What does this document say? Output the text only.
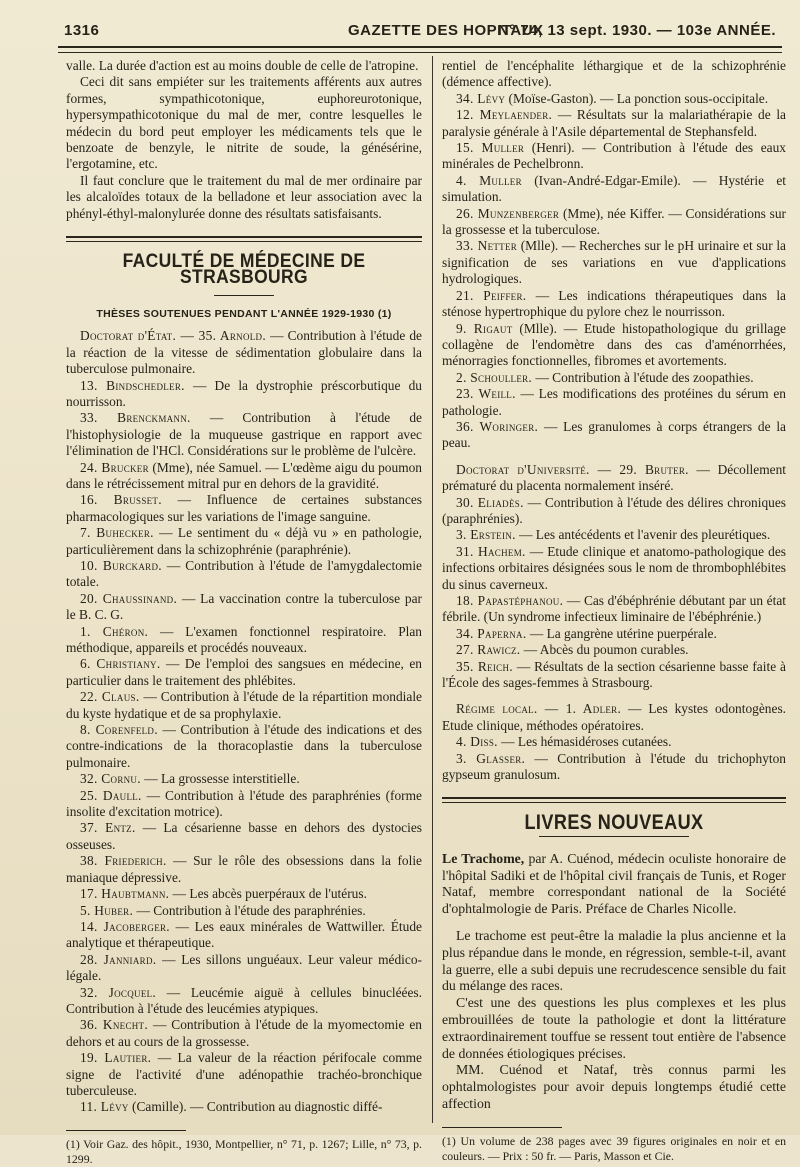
1316	GAZETTE DES HOPITAUX
N° 74, 13 sept. 1930. — 103e ANNÉE.

valle. La durée d'action est au moins double de celle de l'atropine.

Ceci dit sans empiéter sur les traitements afférents aux autres formes, sympathicotonique, euphoreurotonique, hypersympathicotonique du mal de mer, contre lesquelles le médecin du bord peut employer les médicaments tels que le benzoate de benzyle, le nitrite de soude, la génésérine, l'ergotamine, etc.

Il faut conclure que le traitement du mal de mer ordinaire par les alcaloïdes totaux de la belladone et leur association avec la phényl-éthyl-malonylurée donne des résultats satisfaisants.

FACULTÉ DE MÉDECINE DE STRASBOURG
THÈSES SOUTENUES PENDANT L'ANNÉE 1929-1930 (1)

Doctorat d'État. — 35. Arnold. — Contribution à l'étude de la réaction de la vitesse de sédimentation globulaire dans la tuberculose pulmonaire.

13. Bindschedler. — De la dystrophie préscorbutique du nourrisson.

33. Brenckmann. — Contribution à l'étude de l'histophysiologie de la muqueuse gastrique en rapport avec l'élimination de l'HCl. Considérations sur le problème de l'ulcère.

24. Brucker (Mme), née Samuel. — L'œdème aigu du poumon dans le rétrécissement mitral pur en dehors de la gravidité.

16. Brusset. — Influence de certaines substances pharmacologiques sur les variations de l'image sanguine.

7. Buhecker. — Le sentiment du « déjà vu » en pathologie, particulièrement dans la schizophrénie (paraphrénie).

10. Burckard. — Contribution à l'étude de l'amygdalectomie totale.

20. Chaussinand. — La vaccination contre la tuberculose par le B. C. G.

1. Chéron. — L'examen fonctionnel respiratoire. Plan méthodique, appareils et procédés nouveaux.

6. Christiany. — De l'emploi des sangsues en médecine, en particulier dans le traitement des phlébites.

22. Claus. — Contribution à l'étude de la répartition mondiale du kyste hydatique et de sa prophylaxie.

8. Corenfeld. — Contribution à l'étude des indications et des contre-indications de la thoracoplastie dans la tuberculose pulmonaire.

32. Cornu. — La grossesse interstitielle.

25. Daull. — Contribution à l'étude des paraphrénies (forme insolite d'excitation motrice).

37. Entz. — La césarienne basse en dehors des dystocies osseuses.

38. Friederich. — Sur le rôle des obsessions dans la folie maniaque dépressive.

17. Haubtmann. — Les abcès puerpéraux de l'utérus.

5. Huber. — Contribution à l'étude des paraphrénies.

14. Jacoberger. — Les eaux minérales de Wattwiller. Étude analytique et thérapeutique.

28. Janniard. — Les sillons unguéaux. Leur valeur médico-légale.

32. Jocquel. — Leucémie aiguë à cellules binucléées. Contribution à l'étude des leucémies atypiques.

36. Knecht. — Contribution à l'étude de la myomectomie en dehors et au cours de la grossesse.

19. Lautier. — La valeur de la réaction périfocale comme signe de l'activité d'une adénopathie trachéo-bronchique tuberculeuse.

11. Lévy (Camille). — Contribution au diagnostic diffé-

(1) Voir Gaz. des hôpit., 1930, Montpellier, n° 71, p. 1267; Lille, n° 73, p. 1299.

rentiel de l'encéphalite léthargique et de la schizophrénie (démence affective).

34. Lévy (Moïse-Gaston). — La ponction sous-occipitale.

12. Meylaender. — Résultats sur la malariathérapie de la paralysie générale à l'Asile départemental de Stephansfeld.

15. Muller (Henri). — Contribution à l'étude des eaux minérales de Pechelbronn.

4. Muller (Ivan-André-Edgar-Emile). — Hystérie et simulation.

26. Munzenberger (Mme), née Kiffer. — Considérations sur la grossesse et la tuberculose.

33. Netter (Mlle). — Recherches sur le pH urinaire et sur la signification de ses variations en vue d'applications hydrologiques.

21. Peiffer. — Les indications thérapeutiques dans la sténose hypertrophique du pylore chez le nourrisson.

9. Rigaut (Mlle). — Etude histopathologique du grillage collagène de l'endomètre dans des cas d'aménorrhées, ménorragies fonctionnelles, fibromes et avortements.

2. Schouller. — Contribution à l'étude des zoopathies.

23. Weill. — Les modifications des protéines du sérum en pathologie.

36. Woringer. — Les granulomes à corps étrangers de la peau.

Doctorat d'Université. — 29. Bruter. — Décollement prématuré du placenta normalement inséré.

30. Eliadès. — Contribution à l'étude des délires chroniques (paraphrénies).

3. Erstein. — Les antécédents et l'avenir des pleurétiques.

31. Hachem. — Etude clinique et anatomo-pathologique des infections orbitaires désignées sous le nom de thrombophlébites du sinus caverneux.

18. Papastéphanou. — Cas d'ébéphrénie débutant par un état fébrile. (Un syndrome infectieux liminaire de l'ébéphrénie.)

34. Paperna. — La gangrène utérine puerpérale.

27. Rawicz. — Abcès du poumon curables.

35. Reich. — Résultats de la section césarienne basse faite à l'École des sages-femmes à Strasbourg.

Régime local. — 1. Adler. — Les kystes odontogènes. Etude clinique, méthodes opératoires.

4. Diss. — Les hémasidéroses cutanées.

3. Glasser. — Contribution à l'étude du trichophyton gypseum granulosum.

LIVRES NOUVEAUX

Le Trachome, par A. Cuénod, médecin oculiste honoraire de l'hôpital Sadiki et de l'hôpital civil français de Tunis, et Roger Nataf, membre correspondant national de la Société d'ophtalmologie de Paris. Préface de Charles Nicolle.

Le trachome est peut-être la maladie la plus ancienne et la plus répandue dans le monde, en régression, semble-t-il, avant la guerre, elle a subi depuis une recrudescence sensible du fait du mélange des races.

C'est une des questions les plus complexes et les plus embrouillées de toute la pathologie et dont la littérature extraordinairement touffue se ressent tout entière de l'absence de données étiologiques précises.

MM. Cuénod et Nataf, très connus parmi les ophtalmologistes pour avoir depuis longtemps étudié cette affection

(1) Un volume de 238 pages avec 39 figures originales en noir et en couleurs. — Prix : 50 fr. — Paris, Masson et Cie.
